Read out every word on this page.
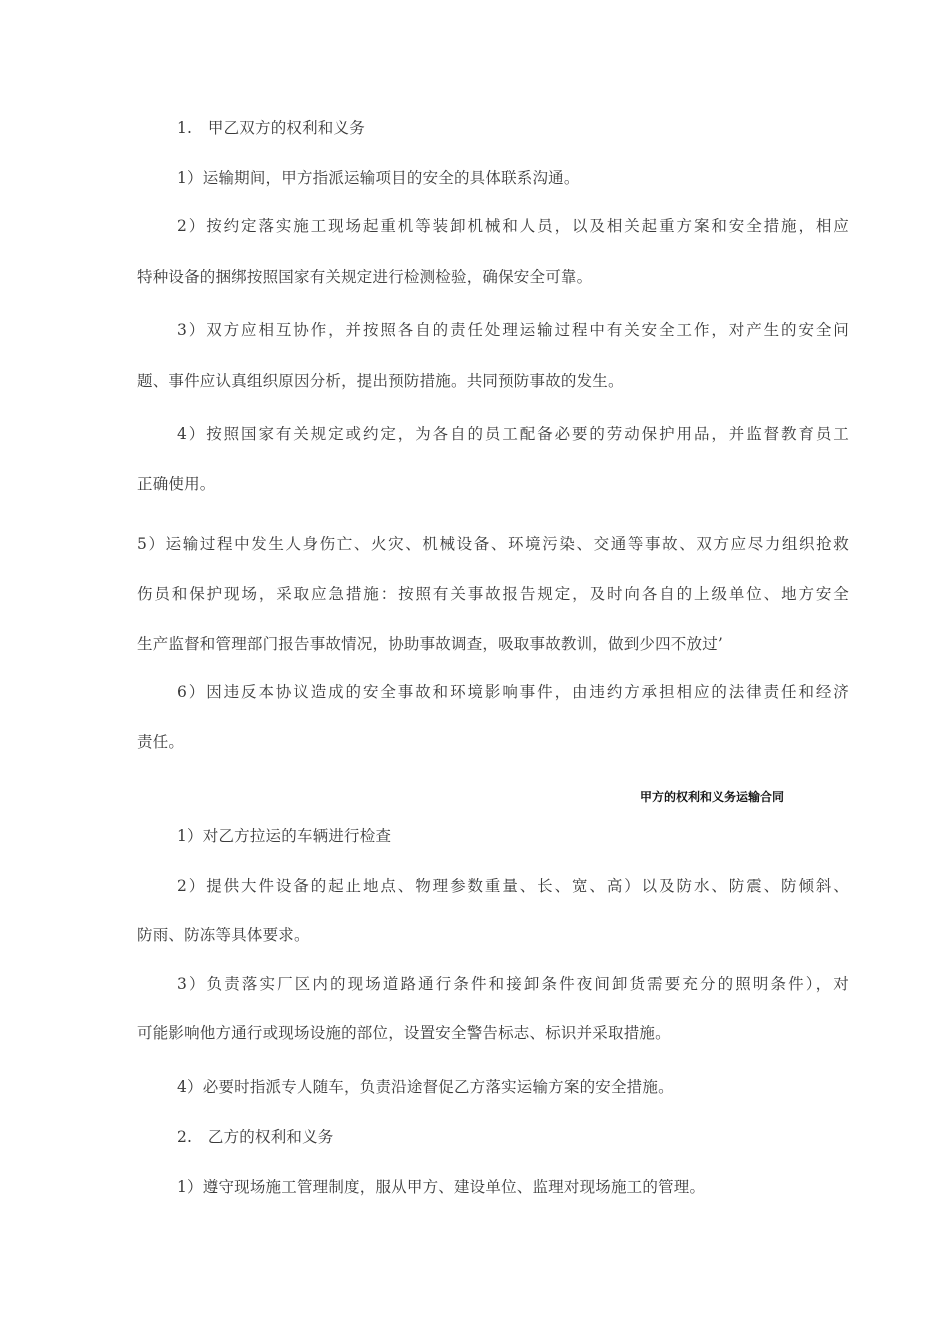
1.　甲乙双方的权利和义务
1）运输期间，甲方指派运输项目的安全的具体联系沟通。
2）按约定落实施工现场起重机等装卸机械和人员，以及相关起重方案和安全措施，相应
特种设备的捆绑按照国家有关规定进行检测检验，确保安全可靠。
3）双方应相互协作，并按照各自的责任处理运输过程中有关安全工作，对产生的安全问
题、事件应认真组织原因分析，提出预防措施。共同预防事故的发生。
4）按照国家有关规定或约定，为各自的员工配备必要的劳动保护用品，并监督教育员工
正确使用。
5）运输过程中发生人身伤亡、火灾、机械设备、环境污染、交通等事故、双方应尽力组织抢救
伤员和保护现场，采取应急措施：按照有关事故报告规定，及时向各自的上级单位、地方安全
生产监督和管理部门报告事故情况，协助事故调查，吸取事故教训，做到少四不放过’
6）因违反本协议造成的安全事故和环境影响事件，由违约方承担相应的法律责任和经济
责任。
甲方的权利和义务运输合同
1）对乙方拉运的车辆进行检查
2）提供大件设备的起止地点、物理参数重量、长、宽、高）以及防水、防震、防倾斜、
防雨、防冻等具体要求。
3）负责落实厂区内的现场道路通行条件和接卸条件夜间卸货需要充分的照明条件），对
可能影响他方通行或现场设施的部位，设置安全警告标志、标识并采取措施。
4）必要时指派专人随车，负责沿途督促乙方落实运输方案的安全措施。
2.　乙方的权利和义务
1）遵守现场施工管理制度，服从甲方、建设单位、监理对现场施工的管理。
